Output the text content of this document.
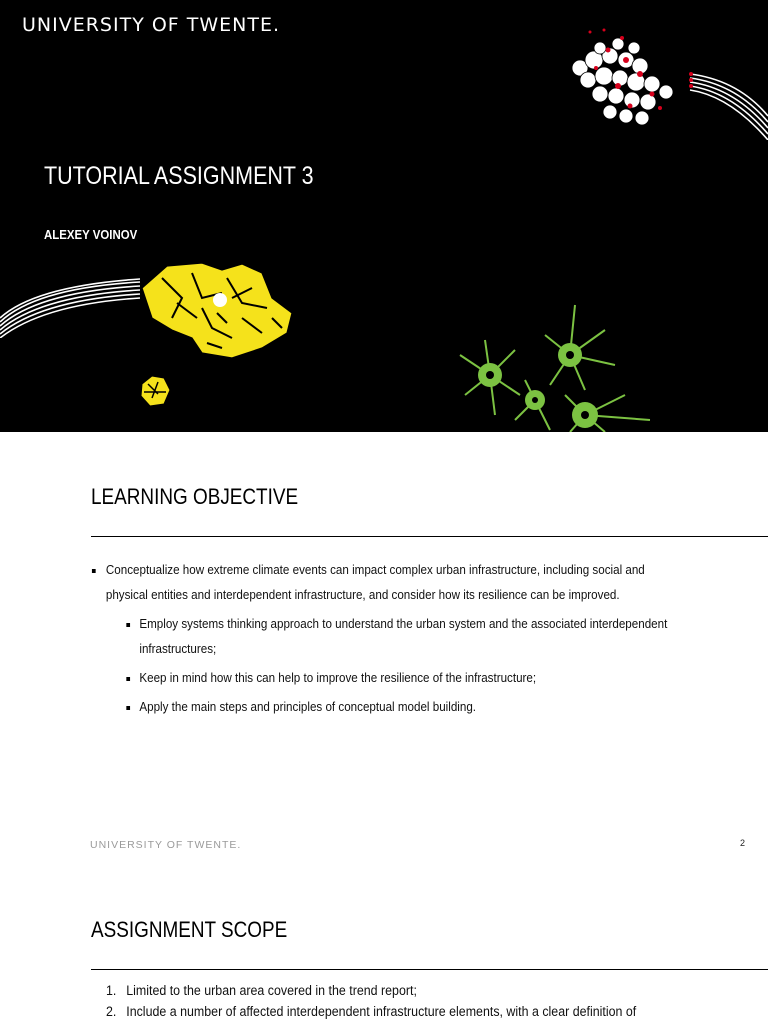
UNIVERSITY OF TWENTE.
TUTORIAL ASSIGNMENT 3
ALEXEY VOINOV
LEARNING OBJECTIVE
Conceptualize how extreme climate events can impact complex urban infrastructure, including social and physical entities and interdependent infrastructure, and consider how its resilience can be improved.
Employ systems thinking approach to understand the urban system and the associated interdependent infrastructures;
Keep in mind how this can help to improve the resilience of the infrastructure;
Apply the main steps and principles of conceptual model building.
UNIVERSITY OF TWENTE.	2
ASSIGNMENT SCOPE
1. Limited to the urban area covered in the trend report;
2. Include a number of affected interdependent infrastructure elements, with a clear definition of
